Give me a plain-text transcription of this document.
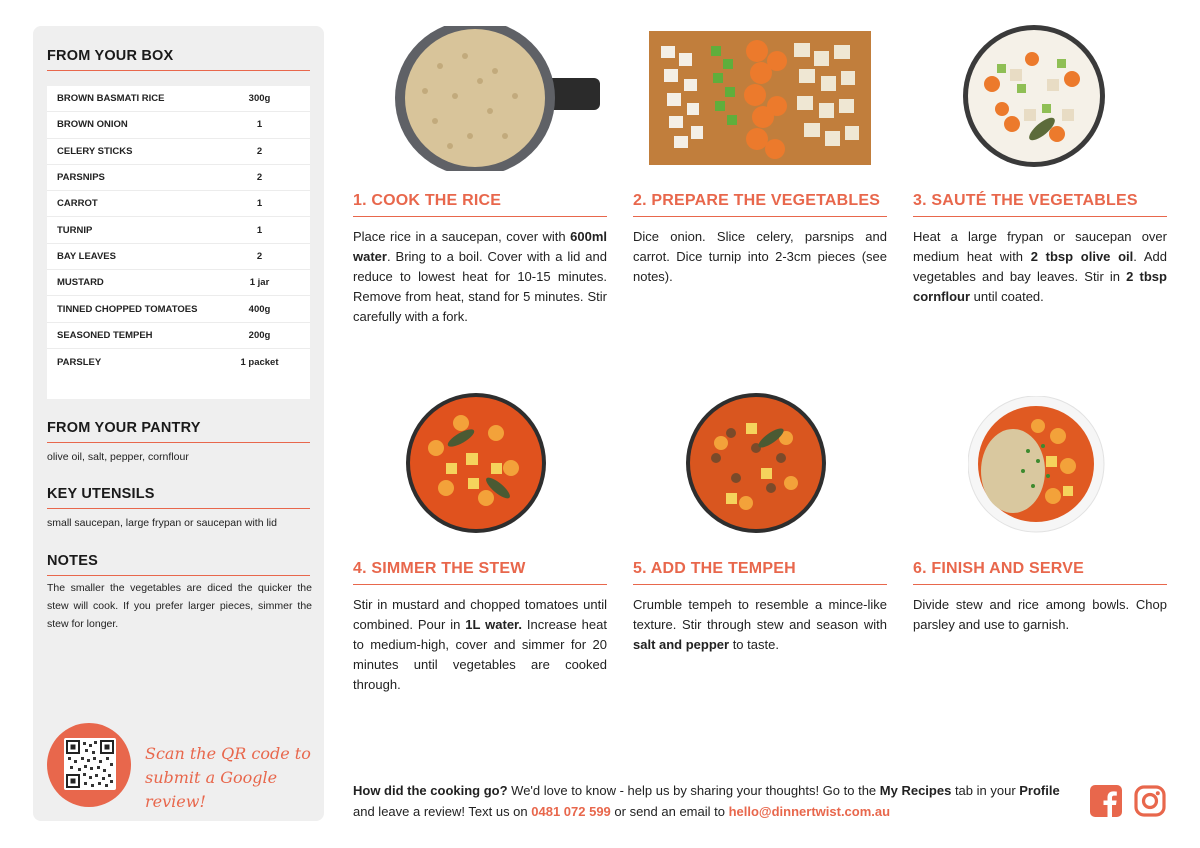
FROM YOUR BOX
BROWN BASMATI RICE	300g
BROWN ONION	1
CELERY STICKS	2
PARSNIPS	2
CARROT	1
TURNIP	1
BAY LEAVES	2
MUSTARD	1 jar
TINNED CHOPPED TOMATOES	400g
SEASONED TEMPEH	200g
PARSLEY	1 packet
FROM YOUR PANTRY
olive oil, salt, pepper, cornflour
KEY UTENSILS
small saucepan, large frypan or saucepan with lid
NOTES
The smaller the vegetables are diced the quicker the stew will cook. If you prefer larger pieces, simmer the stew for longer.
Scan the QR code to
submit a Google review!
1. COOK THE RICE
Place rice in a saucepan, cover with 600ml water. Bring to a boil. Cover with a lid and reduce to lowest heat for 10-15 minutes. Remove from heat, stand for 5 minutes. Stir carefully with a fork.
2. PREPARE THE VEGETABLES
Dice onion. Slice celery, parsnips and carrot. Dice turnip into 2-3cm pieces (see notes).
3. SAUTÉ THE VEGETABLES
Heat a large frypan or saucepan over medium heat with 2 tbsp olive oil. Add vegetables and bay leaves. Stir in 2 tbsp cornflour until coated.
4. SIMMER THE STEW
Stir in mustard and chopped tomatoes until combined. Pour in 1L water. Increase heat to medium-high, cover and simmer for 20 minutes until vegetables are cooked through.
5. ADD THE TEMPEH
Crumble tempeh to resemble a mince-like texture. Stir through stew and season with salt and pepper to taste.
6. FINISH AND SERVE
Divide stew and rice among bowls. Chop parsley and use to garnish.
How did the cooking go? We'd love to know - help us by sharing your thoughts! Go to the My Recipes tab in your Profile and leave a review! Text us on 0481 072 599 or send an email to hello@dinnertwist.com.au
